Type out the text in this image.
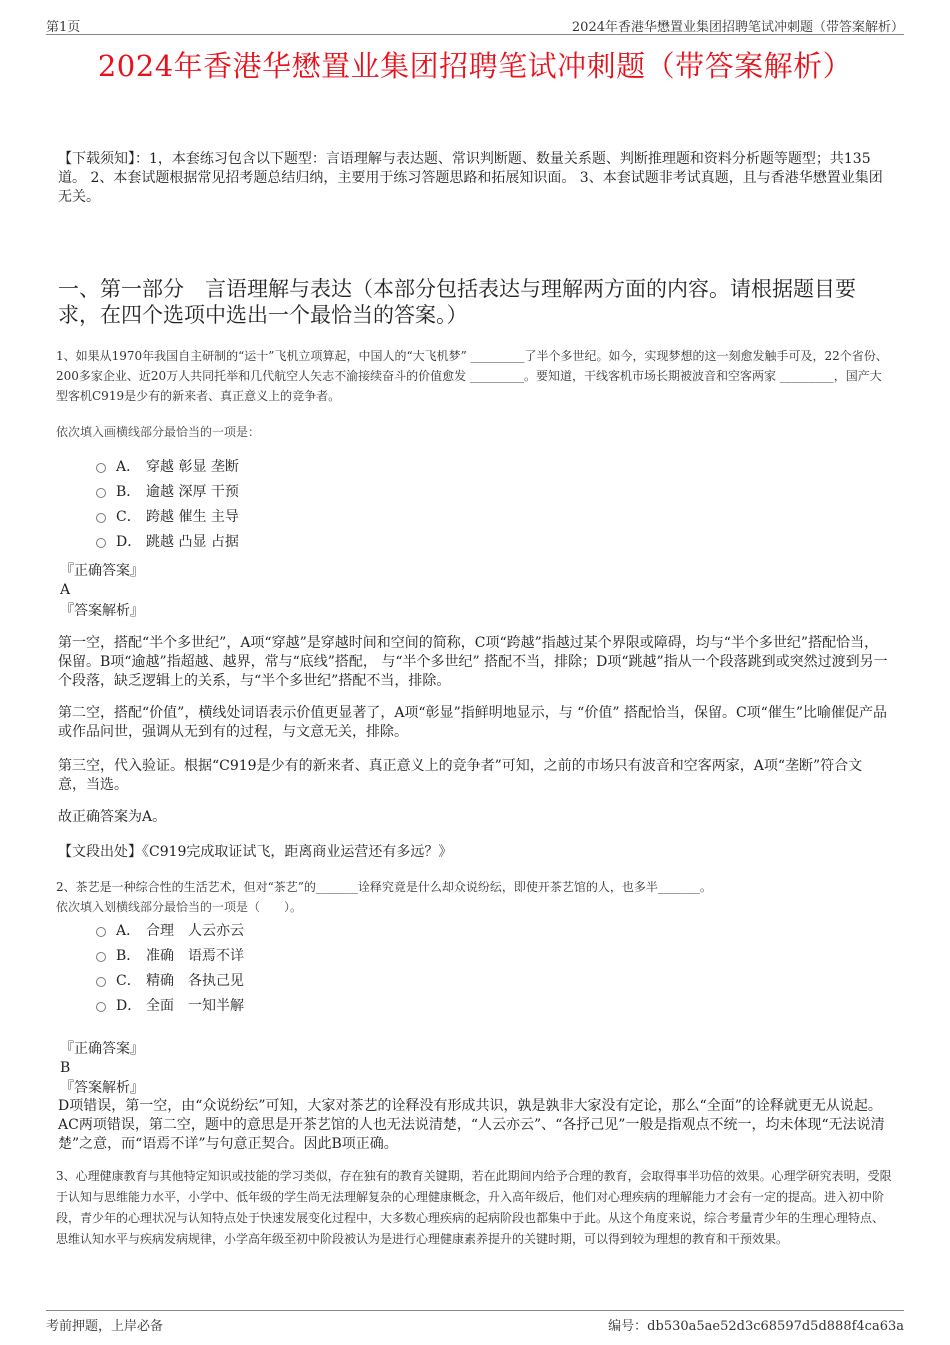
第1页	2024年香港华懋置业集团招聘笔试冲刺题（带答案解析）
2024年香港华懋置业集团招聘笔试冲刺题（带答案解析）
【下载须知】：1，本套练习包含以下题型：言语理解与表达题、常识判断题、数量关系题、判断推理题和资料分析题等题型；共135道。 2、本套试题根据常见招考题总结归纳，主要用于练习答题思路和拓展知识面。 3、本套试题非考试真题，且与香港华懋置业集团无关。
一、第一部分　言语理解与表达（本部分包括表达与理解两方面的内容。请根据题目要求，在四个选项中选出一个最恰当的答案。）
1、如果从1970年我国自主研制的“运十”飞机立项算起，中国人的“大飞机梦” _________了半个多世纪。如今，实现梦想的这一刻愈发触手可及，22个省份、200多家企业、近20万人共同托举和几代航空人矢志不渝接续奋斗的价值愈发 _________。要知道，干线客机市场长期被波音和空客两家 _________，国产大型客机C919是少有的新来者、真正意义上的竞争者。
依次填入画横线部分最恰当的一项是：
A． 穿越 彰显 垄断
B． 逾越 深厚 干预
C． 跨越 催生 主导
D． 跳越 凸显 占据
『正确答案』
A
『答案解析』
第一空，搭配“半个多世纪”，A项“穿越”是穿越时间和空间的简称，C项“跨越”指越过某个界限或障碍，均与“半个多世纪”搭配恰当，保留。B项“逾越”指超越、越界，常与“底线”搭配， 与“半个多世纪” 搭配不当，排除；D项“跳越”指从一个段落跳到或突然过渡到另一个段落，缺乏逻辑上的关系，与“半个多世纪”搭配不当，排除。
第二空，搭配“价值”，横线处词语表示价值更显著了，A项“彰显”指鲜明地显示，与 “价值” 搭配恰当，保留。C项“催生”比喻催促产品或作品问世，强调从无到有的过程，与文意无关，排除。
第三空，代入验证。根据“C919是少有的新来者、真正意义上的竞争者”可知，之前的市场只有波音和空客两家，A项“垄断”符合文意，当选。
故正确答案为A。
【文段出处】《C919完成取证试飞，距离商业运营还有多远？》
2、茶艺是一种综合性的生活艺术，但对“茶艺”的_______诠释究竟是什么却众说纷纭，即使开茶艺馆的人，也多半_______。
依次填入划横线部分最恰当的一项是（　　）。
A． 合理　人云亦云
B． 准确　语焉不详
C． 精确　各执己见
D． 全面　一知半解
『正确答案』
B
『答案解析』
D项错误，第一空，由“众说纷纭”可知，大家对茶艺的诠释没有形成共识，孰是孰非大家没有定论，那么“全面”的诠释就更无从说起。AC两项错误，第二空，题中的意思是开茶艺馆的人也无法说清楚，“人云亦云”、“各抒己见”一般是指观点不统一，均未体现“无法说清楚”之意，而“语焉不详”与句意正契合。因此B项正确。
3、心理健康教育与其他特定知识或技能的学习类似，存在独有的教育关键期，若在此期间内给予合理的教育，会取得事半功倍的效果。心理学研究表明，受限于认知与思维能力水平，小学中、低年级的学生尚无法理解复杂的心理健康概念，升入高年级后，他们对心理疾病的理解能力才会有一定的提高。进入初中阶段，青少年的心理状况与认知特点处于快速发展变化过程中，大多数心理疾病的起病阶段也都集中于此。从这个角度来说，综合考量青少年的生理心理特点、思维认知水平与疾病发病规律，小学高年级至初中阶段被认为是进行心理健康素养提升的关键时期，可以得到较为理想的教育和干预效果。
考前押题，上岸必备	编号：db530a5ae52d3c68597d5d888f4ca63a
